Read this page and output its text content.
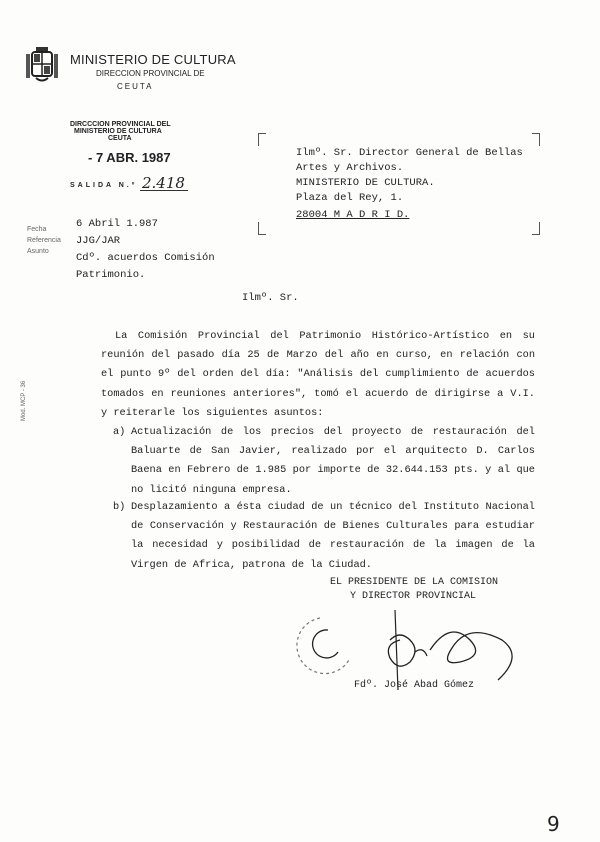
MINISTERIO DE CULTURA
DIRECCION PROVINCIAL DE
CEUTA
DIRCCCION PROVINCIAL DEL
MINISTERIO DE CULTURA
CEUTA
- 7 ABR. 1987
SALIDA N.º 2.418
Fecha
Referencia
Asunto
6 Abril 1.987
JJG/JAR
Cdº. acuerdos Comisión
Patrimonio.
Ilmº. Sr. Director General de Bellas
Artes y Archivos.
MINISTERIO DE CULTURA.
Plaza del Rey, 1.
28004 M A D R I D.
Ilmº. Sr.
Mod. MCP - 36
La Comisión Provincial del Patrimonio Histórico-Artístico en su reunión del pasado día 25 de Marzo del año en curso, en relación con el punto 9º del orden del día: "Análisis del cumplimiento de acuerdos tomados en reuniones anteriores", tomó el acuerdo de dirigirse a V.I. y reiterarle los siguientes asuntos:
a) Actualización de los precios del proyecto de restauración del Baluarte de San Javier, realizado por el arquitecto D. Carlos Baena en Febrero de 1.985 por importe de 32.644.153 pts. y al que no licitó ninguna empresa.
b) Desplazamiento a ésta ciudad de un técnico del Instituto Nacional de Conservación y Restauración de Bienes Culturales para estudiar la necesidad y posibilidad de restauración de la imagen de la Virgen de Africa, patrona de la Ciudad.
EL PRESIDENTE DE LA COMISION
Y DIRECTOR PROVINCIAL
Fdº. José Abad Gómez
9
